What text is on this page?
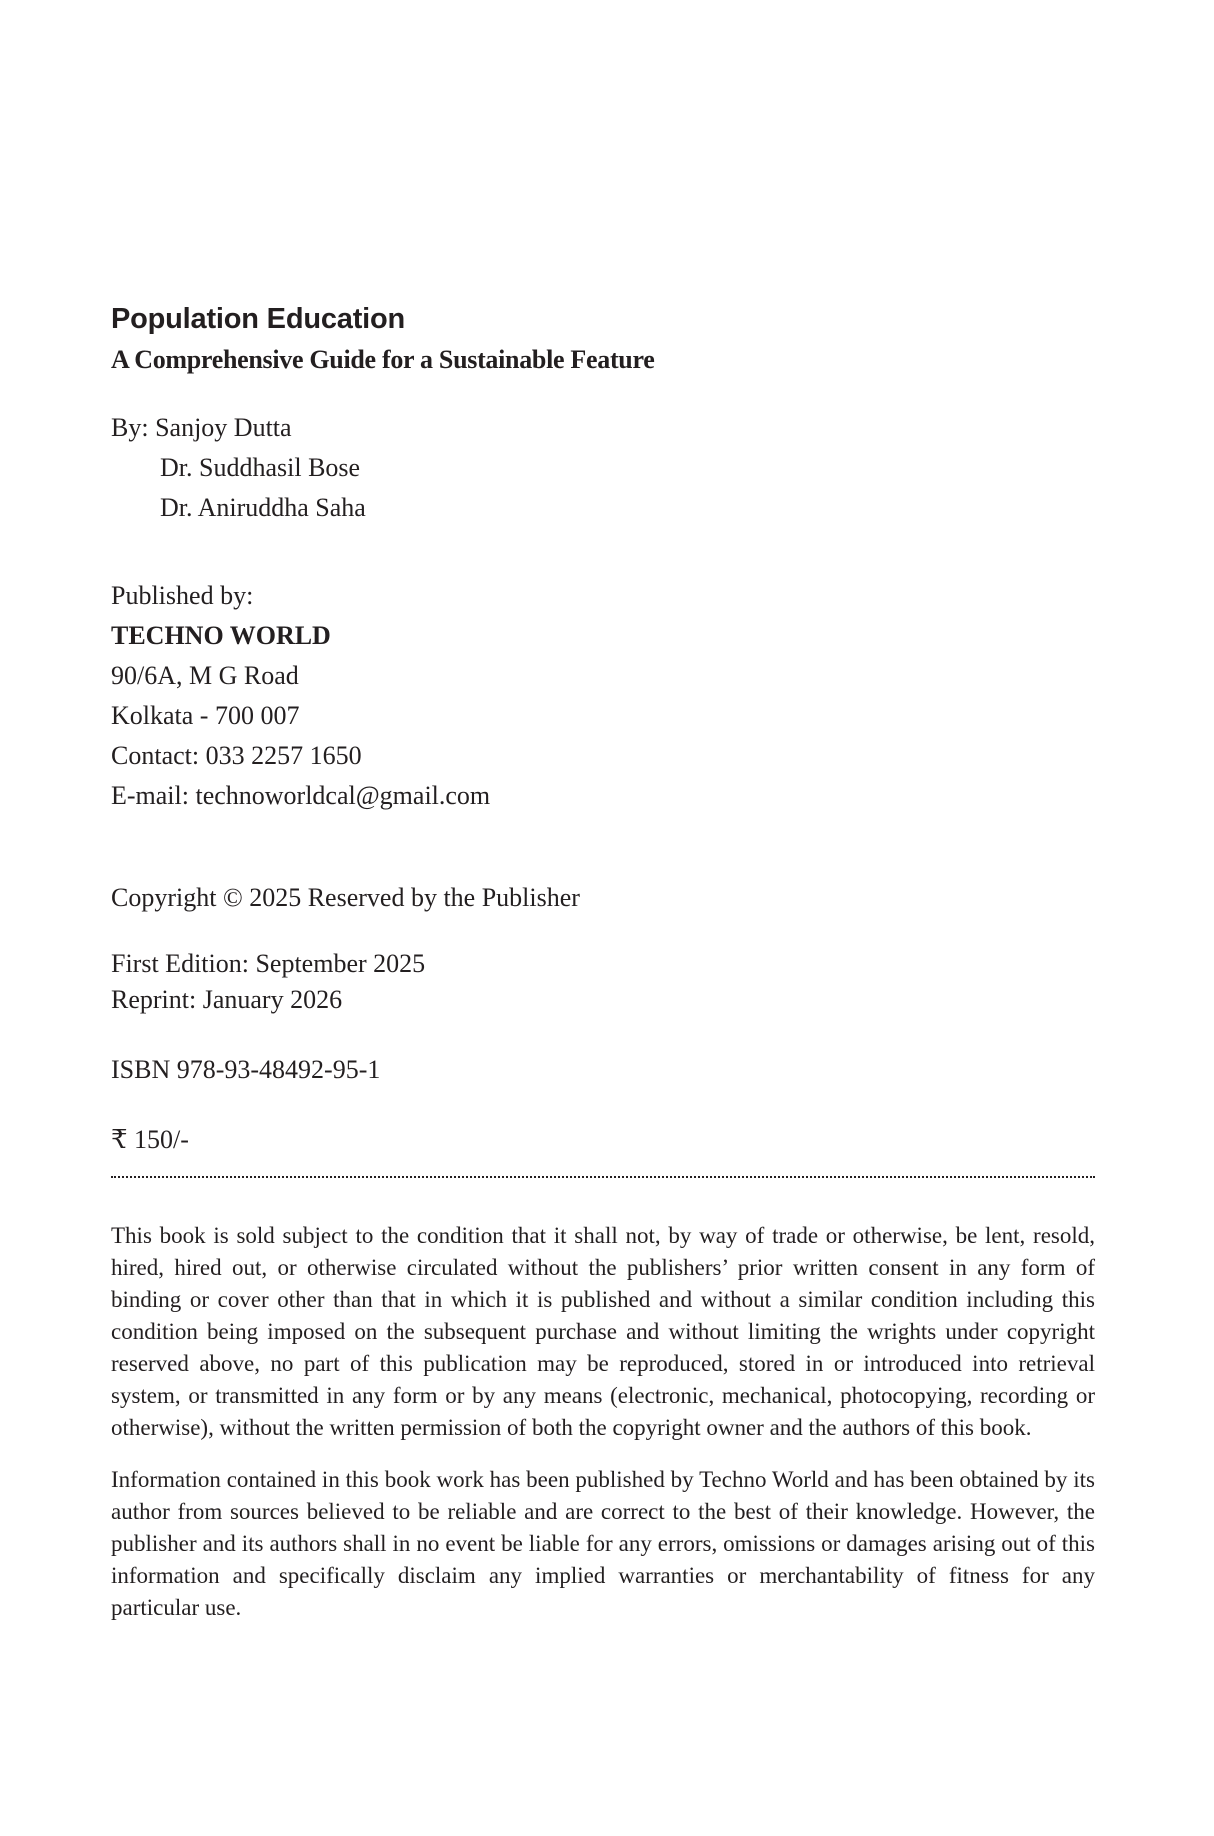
Population Education
A Comprehensive Guide for a Sustainable Feature
By: Sanjoy Dutta
Dr. Suddhasil Bose
Dr. Aniruddha Saha
Published by:
TECHNO WORLD
90/6A, M G Road
Kolkata - 700 007
Contact: 033 2257 1650
E-mail: technoworldcal@gmail.com
Copyright © 2025 Reserved by the Publisher
First Edition: September 2025
Reprint: January 2026
ISBN 978-93-48492-95-1
₹ 150/-

This book is sold subject to the condition that it shall not, by way of trade or otherwise, be lent, resold, hired, hired out, or otherwise circulated without the publishers’ prior written consent in any form of binding or cover other than that in which it is published and without a similar condition including this condition being imposed on the subsequent purchase and without limiting the wrights under copyright reserved above, no part of this publication may be reproduced, stored in or introduced into retrieval system, or transmitted in any form or by any means (electronic, mechanical, photocopying, recording or otherwise), without the written permission of both the copyright owner and the authors of this book.

Information contained in this book work has been published by Techno World and has been obtained by its author from sources believed to be reliable and are correct to the best of their knowledge. However, the publisher and its authors shall in no event be liable for any errors, omissions or damages arising out of this information and specifically disclaim any implied warranties or merchantability of fitness for any particular use.
